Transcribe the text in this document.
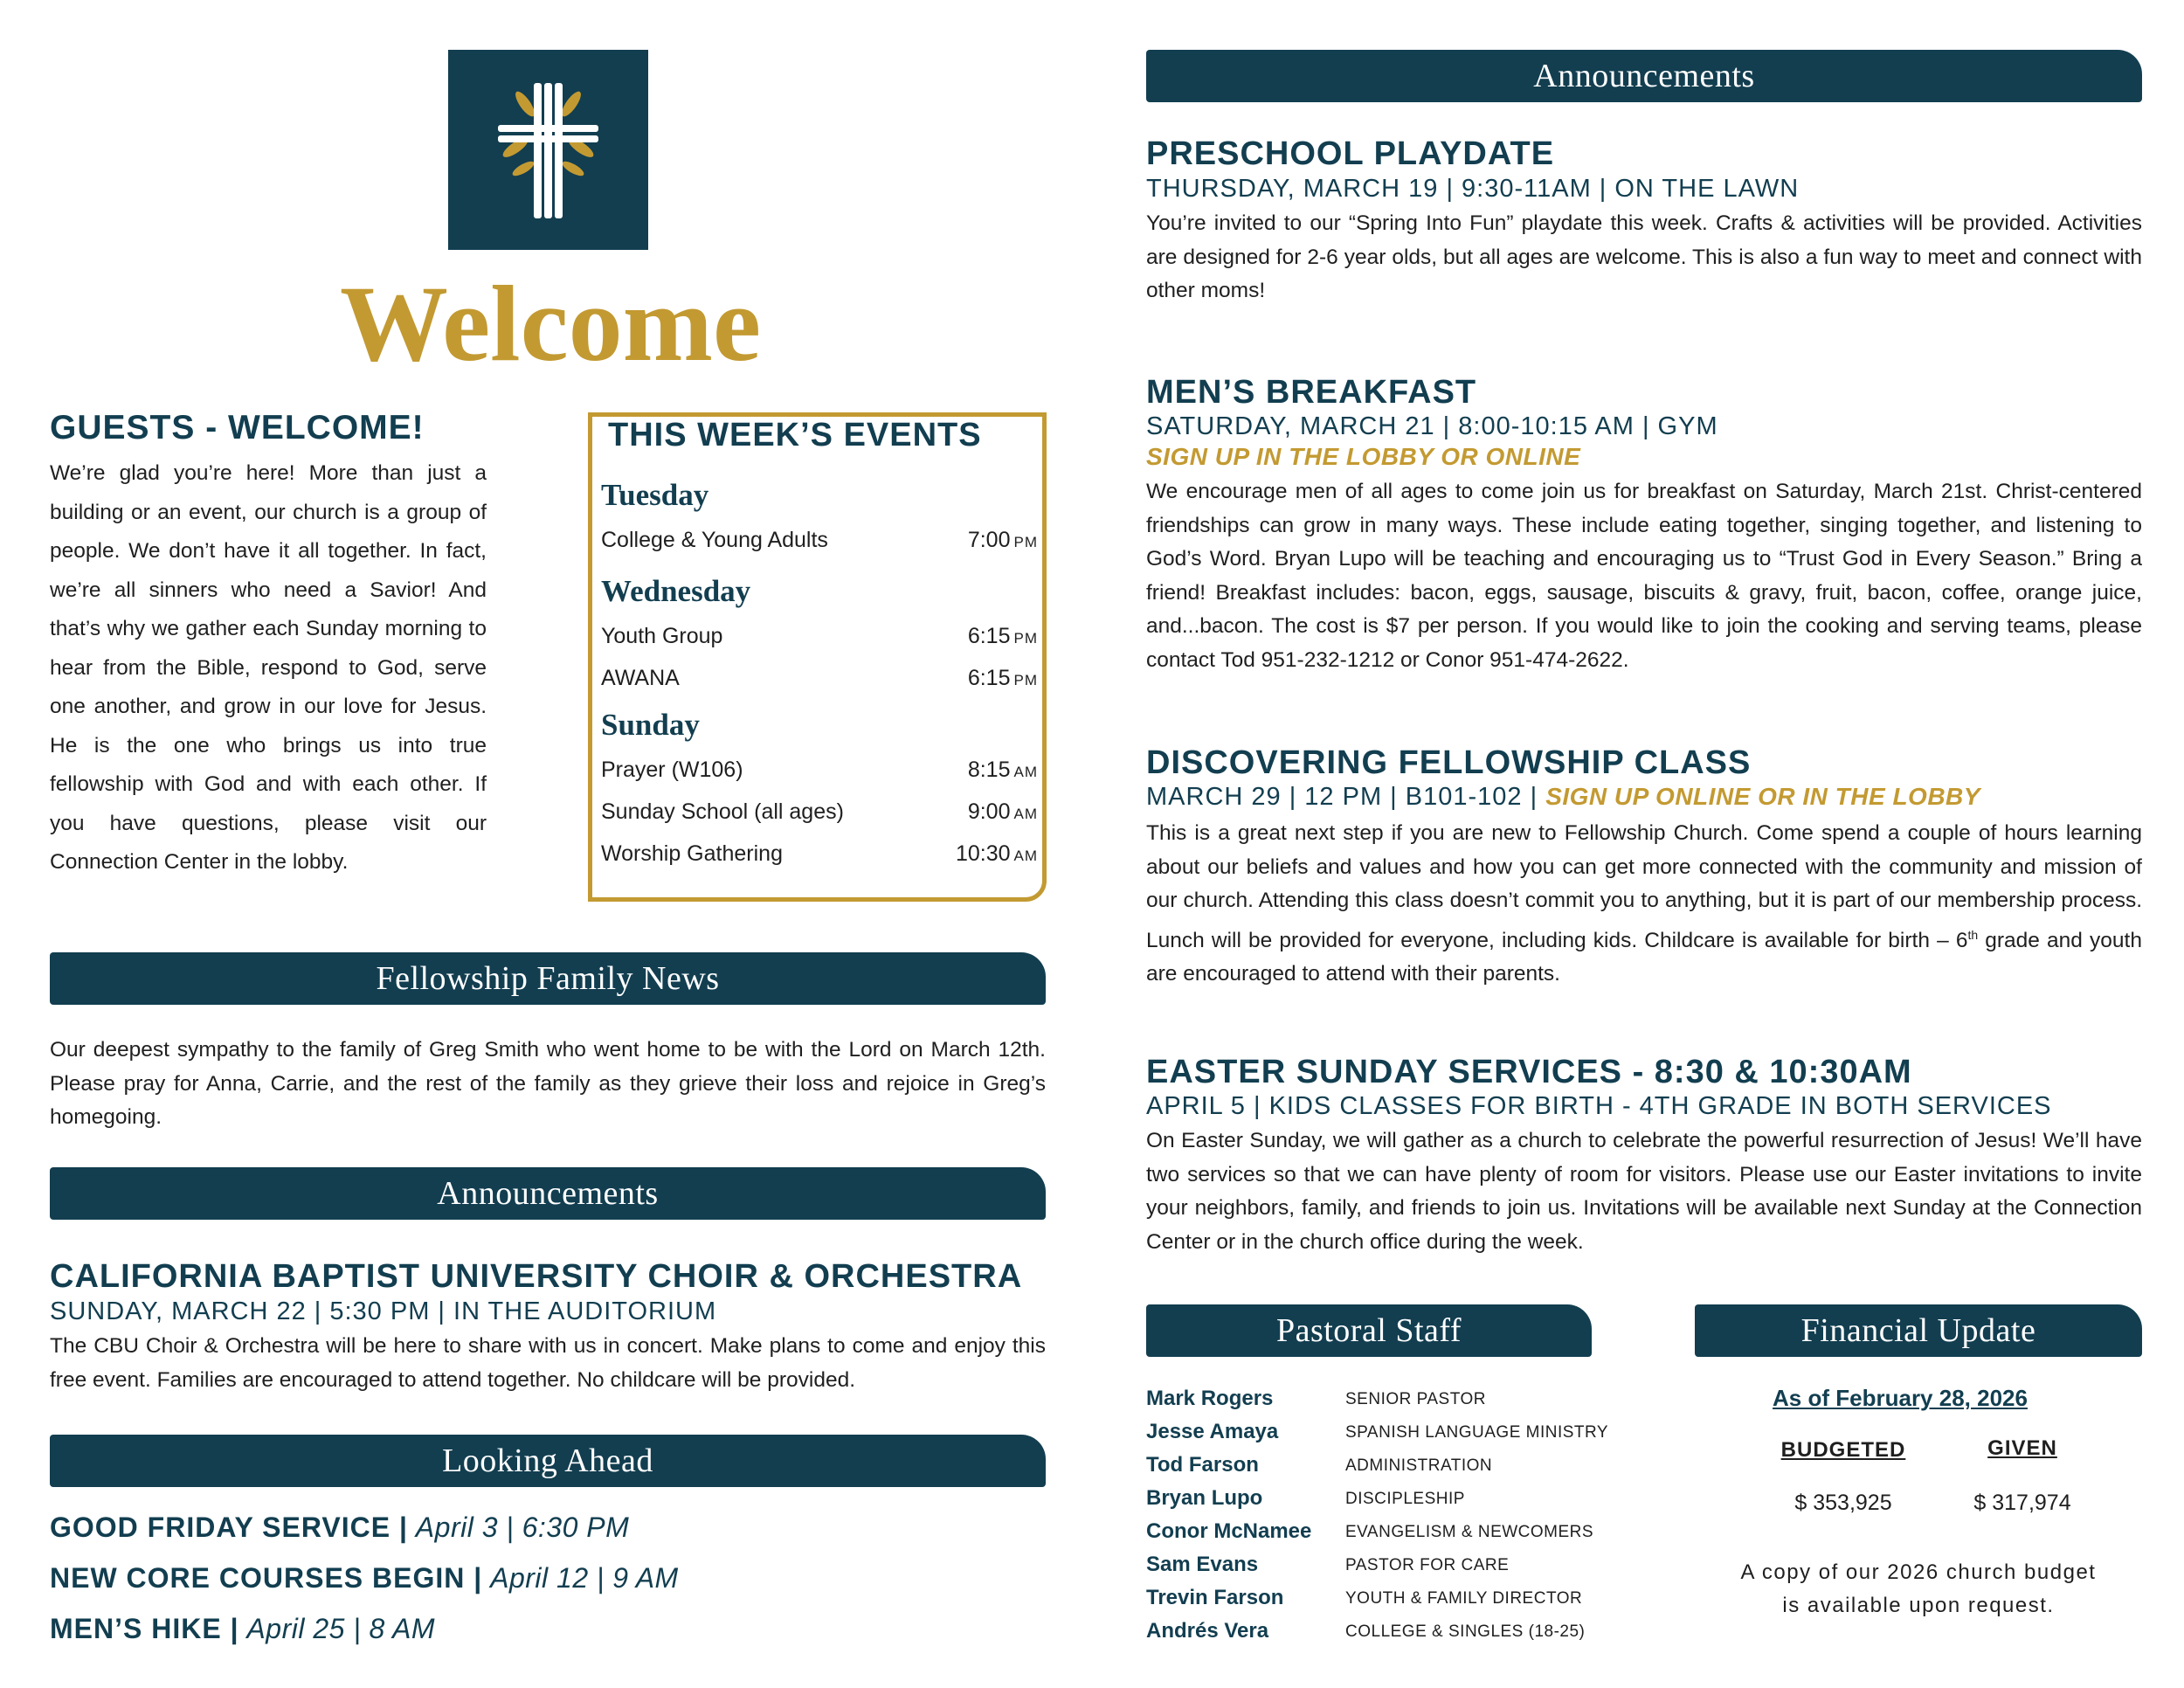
Welcome
GUESTS - WELCOME!
We’re glad you’re here! More than just a building or an event, our church is a group of people. We don’t have it all together. In fact, we’re all sinners who need a Savior! And that’s why we gather each Sunday morning to hear from the Bible, respond to God, serve one another, and grow in our love for Jesus. He is the one who brings us into true fellowship with God and with each other. If you have questions, please visit our Connection Center in the lobby.
THIS WEEK’S EVENTS
Tuesday
College & Young Adults	7:00 PM
Wednesday
Youth Group	6:15 PM
AWANA	6:15 PM
Sunday
Prayer (W106)	8:15 AM
Sunday School (all ages)	9:00 AM
Worship Gathering	10:30 AM
Fellowship Family News
Our deepest sympathy to the family of Greg Smith who went home to be with the Lord on March 12th. Please pray for Anna, Carrie, and the rest of the family as they grieve their loss and rejoice in Greg’s homegoing.
Announcements
CALIFORNIA BAPTIST UNIVERSITY CHOIR & ORCHESTRA
SUNDAY, MARCH 22 | 5:30 PM | IN THE AUDITORIUM
The CBU Choir & Orchestra will be here to share with us in concert. Make plans to come and enjoy this free event. Families are encouraged to attend together. No childcare will be provided.
Looking Ahead
GOOD FRIDAY SERVICE | April 3 | 6:30 PM
NEW CORE COURSES BEGIN | April 12 | 9 AM
MEN’S HIKE | April 25 | 8 AM
Announcements
PRESCHOOL PLAYDATE
THURSDAY, MARCH 19 | 9:30-11AM | ON THE LAWN
You’re invited to our “Spring Into Fun” playdate this week. Crafts & activities will be provided. Activities are designed for 2-6 year olds, but all ages are welcome. This is also a fun way to meet and connect with other moms!
MEN’S BREAKFAST
SATURDAY, MARCH 21 | 8:00-10:15 AM | GYM
SIGN UP IN THE LOBBY OR ONLINE
We encourage men of all ages to come join us for breakfast on Saturday, March 21st. Christ-centered friendships can grow in many ways. These include eating together, singing together, and listening to God’s Word. Bryan Lupo will be teaching and encouraging us to “Trust God in Every Season.” Bring a friend! Breakfast includes: bacon, eggs, sausage, biscuits & gravy, fruit, bacon, coffee, orange juice, and...bacon. The cost is $7 per person. If you would like to join the cooking and serving teams, please contact Tod 951-232-1212 or Conor 951-474-2622.
DISCOVERING FELLOWSHIP CLASS
MARCH 29 | 12 PM | B101-102 | SIGN UP ONLINE OR IN THE LOBBY
This is a great next step if you are new to Fellowship Church. Come spend a couple of hours learning about our beliefs and values and how you can get more connected with the community and mission of our church. Attending this class doesn’t commit you to anything, but it is part of our membership process. Lunch will be provided for everyone, including kids. Childcare is available for birth – 6th grade and youth are encouraged to attend with their parents.
EASTER SUNDAY SERVICES - 8:30 & 10:30AM
APRIL 5 | KIDS CLASSES FOR BIRTH - 4TH GRADE IN BOTH SERVICES
On Easter Sunday, we will gather as a church to celebrate the powerful resurrection of Jesus! We’ll have two services so that we can have plenty of room for visitors. Please use our Easter invitations to invite your neighbors, family, and friends to join us. Invitations will be available next Sunday at the Connection Center or in the church office during the week.
Pastoral Staff
Mark Rogers	SENIOR PASTOR
Jesse Amaya	SPANISH LANGUAGE MINISTRY
Tod Farson	ADMINISTRATION
Bryan Lupo	DISCIPLESHIP
Conor McNamee EVANGELISM & NEWCOMERS
Sam Evans	PASTOR FOR CARE
Trevin Farson	YOUTH & FAMILY DIRECTOR
Andrés Vera	COLLEGE & SINGLES (18-25)
Financial Update
As of February 28, 2026
BUDGETED	GIVEN
$ 353,925	$ 317,974
A copy of our 2026 church budget
is available upon request.
